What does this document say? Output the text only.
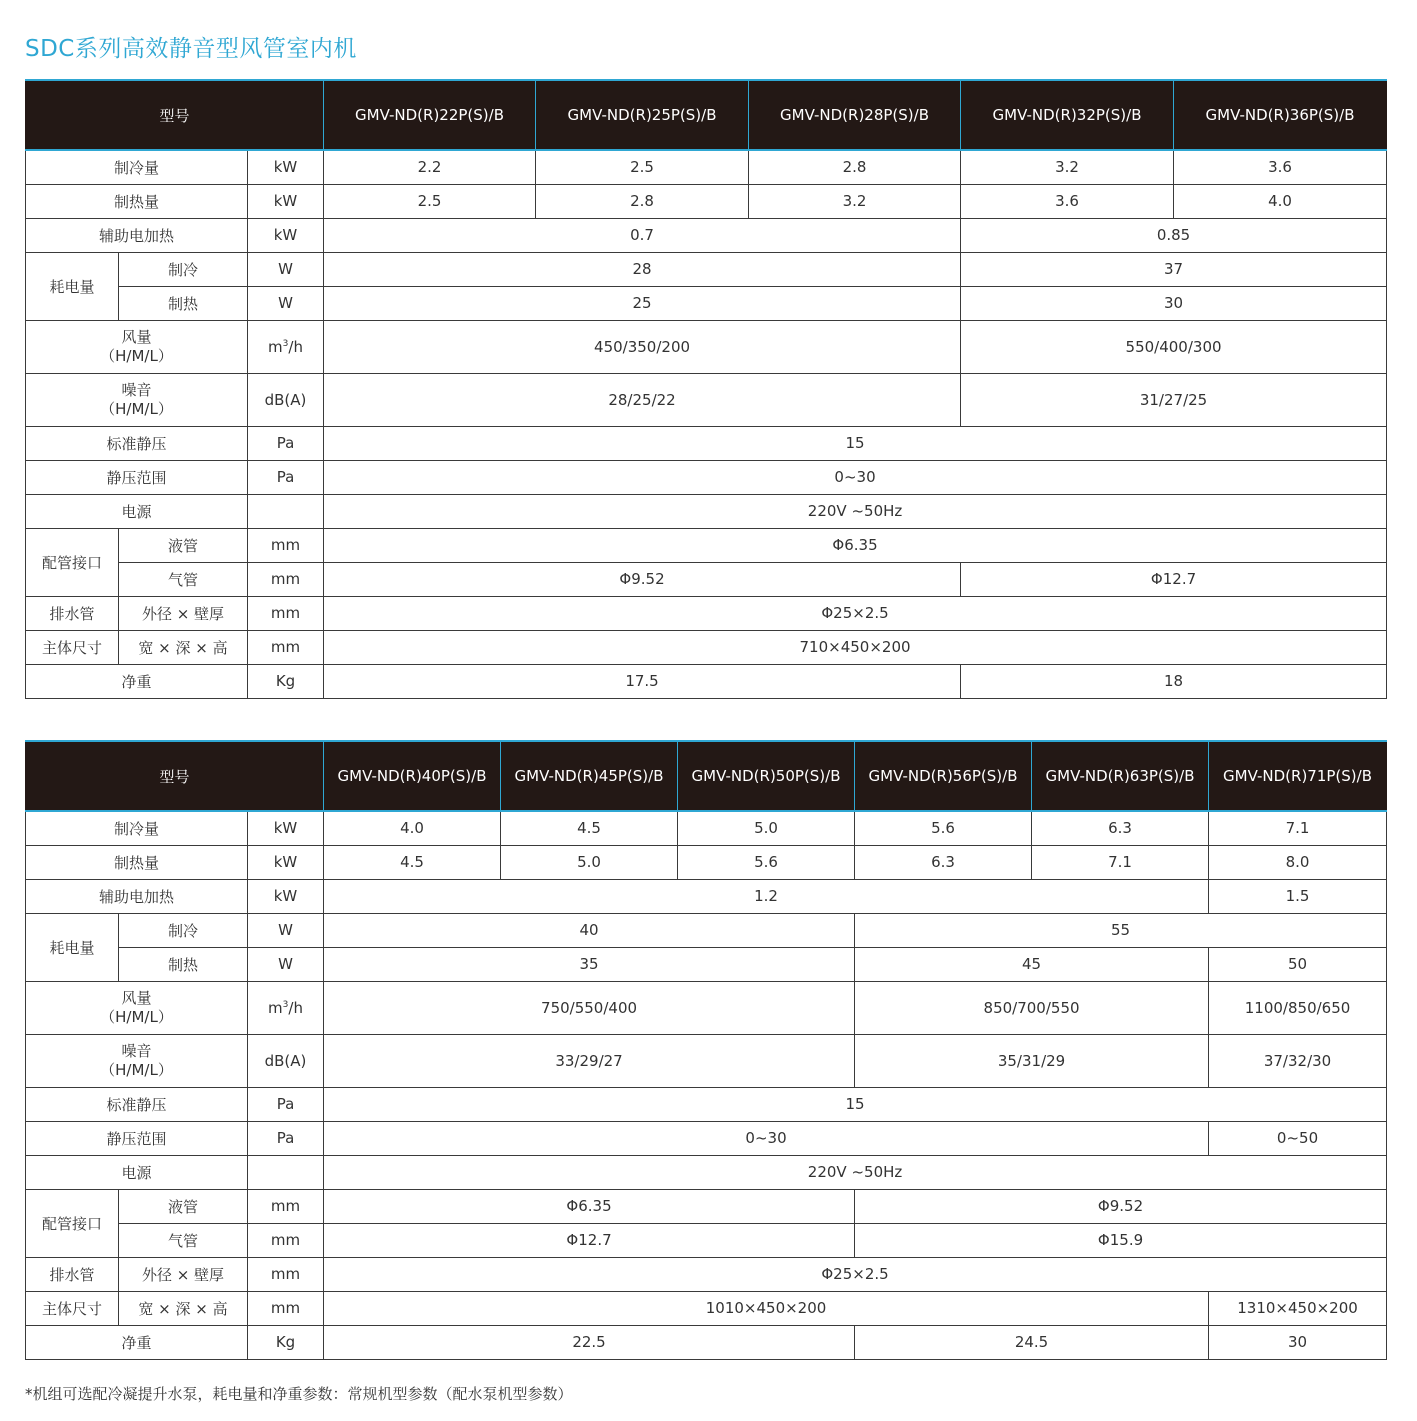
SDC系列高效静音型风管室内机
型号			GMV-ND(R)22P(S)/B	GMV-ND(R)25P(S)/B	GMV-ND(R)28P(S)/B	GMV-ND(R)32P(S)/B	GMV-ND(R)36P(S)/B
制冷量		kW	2.2	2.5	2.8	3.2	3.6
制热量		kW	2.5	2.8	3.2	3.6	4.0
辅助电加热		kW	0.7			0.85	
耗电量	制冷	W	28			37	
	制热	W	25			30	

风量
（H/M/L）		$m^3/h$	450/350/200			550/400/300	

噪音
（H/M/L）		dB(A)	28/25/22			31/27/25	
标准静压		Pa	15				
静压范围		Pa	0~30				
电源			220V ~50Hz				
配管接口	液管	mm	Φ6.35				
	气管	mm	Φ9.52			Φ12.7	
排水管	外径 × 壁厚	mm	Φ25×2.5				
主体尺寸	宽 × 深 × 高	mm	710×450×200				
净重		Kg	17.5			18	
型号			GMV-ND(R)40P(S)/B	GMV-ND(R)45P(S)/B	GMV-ND(R)50P(S)/B	GMV-ND(R)56P(S)/B	GMV-ND(R)63P(S)/B	GMV-ND(R)71P(S)/B
制冷量		kW	4.0	4.5	5.0	5.6	6.3	7.1
制热量		kW	4.5	5.0	5.6	6.3	7.1	8.0
辅助电加热		kW	1.2					1.5
耗电量	制冷	W	40			55		
	制热	W	35			45		50

风量
（H/M/L）		$m^3/h$	750/550/400			850/700/550		1100/850/650

噪音
（H/M/L）		dB(A)	33/29/27			35/31/29		37/32/30
标准静压		Pa	15					
静压范围		Pa	0~30					0~50
电源			220V ~50Hz					
配管接口	液管	mm	Φ6.35			Φ9.52		
	气管	mm	Φ12.7			Φ15.9		
排水管	外径 × 壁厚	mm	Φ25×2.5					
主体尺寸	宽 × 深 × 高	mm	1010×450×200					1310×450×200
净重		Kg	22.5			24.5		30
*机组可选配冷凝提升水泵，耗电量和净重参数：常规机型参数（配水泵机型参数）
